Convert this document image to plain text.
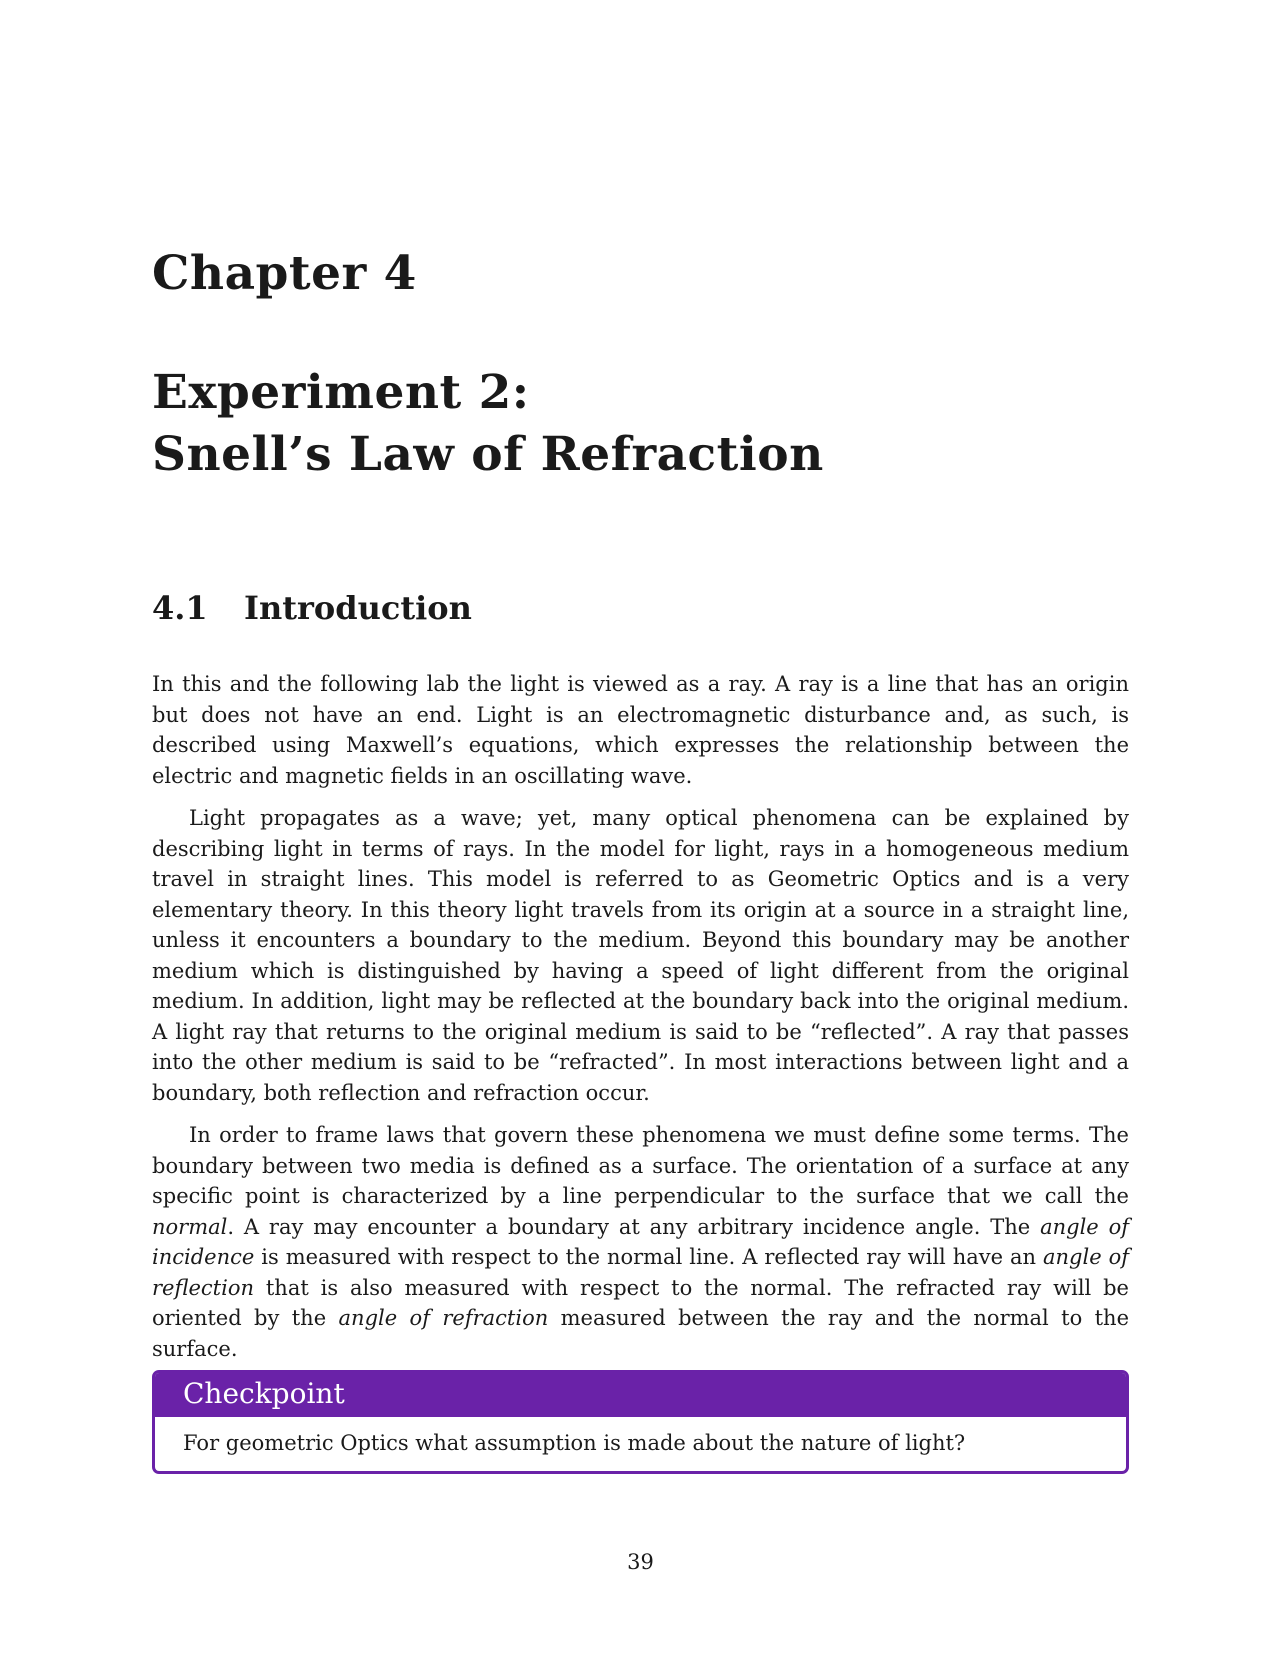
Chapter 4
Experiment 2:
Snell’s Law of Refraction
4.1 Introduction

In this and the following lab the light is viewed as a ray. A ray is a line that has an origin but does not have an end. Light is an electromagnetic disturbance and, as such, is described using Maxwell’s equations, which expresses the relationship between the electric and magnetic fields in an oscillating wave.

Light propagates as a wave; yet, many optical phenomena can be explained by describing light in terms of rays. In the model for light, rays in a homogeneous medium travel in straight lines. This model is referred to as Geometric Optics and is a very elementary theory. In this theory light travels from its origin at a source in a straight line, unless it encounters a boundary to the medium. Beyond this boundary may be another medium which is distinguished by having a speed of light different from the original medium. In addition, light may be reflected at the boundary back into the original medium. A light ray that returns to the original medium is said to be “reflected”. A ray that passes into the other medium is said to be “refracted”. In most interactions between light and a boundary, both reflection and refraction occur.

In order to frame laws that govern these phenomena we must define some terms. The boundary between two media is defined as a surface. The orientation of a surface at any specific point is characterized by a line perpendicular to the surface that we call the normal. A ray may encounter a boundary at any arbitrary incidence angle. The angle of incidence is measured with respect to the normal line. A reflected ray will have an angle of reflection that is also measured with respect to the normal. The refracted ray will be oriented by the angle of refraction measured between the ray and the normal to the surface.

Checkpoint
For geometric Optics what assumption is made about the nature of light?
39
